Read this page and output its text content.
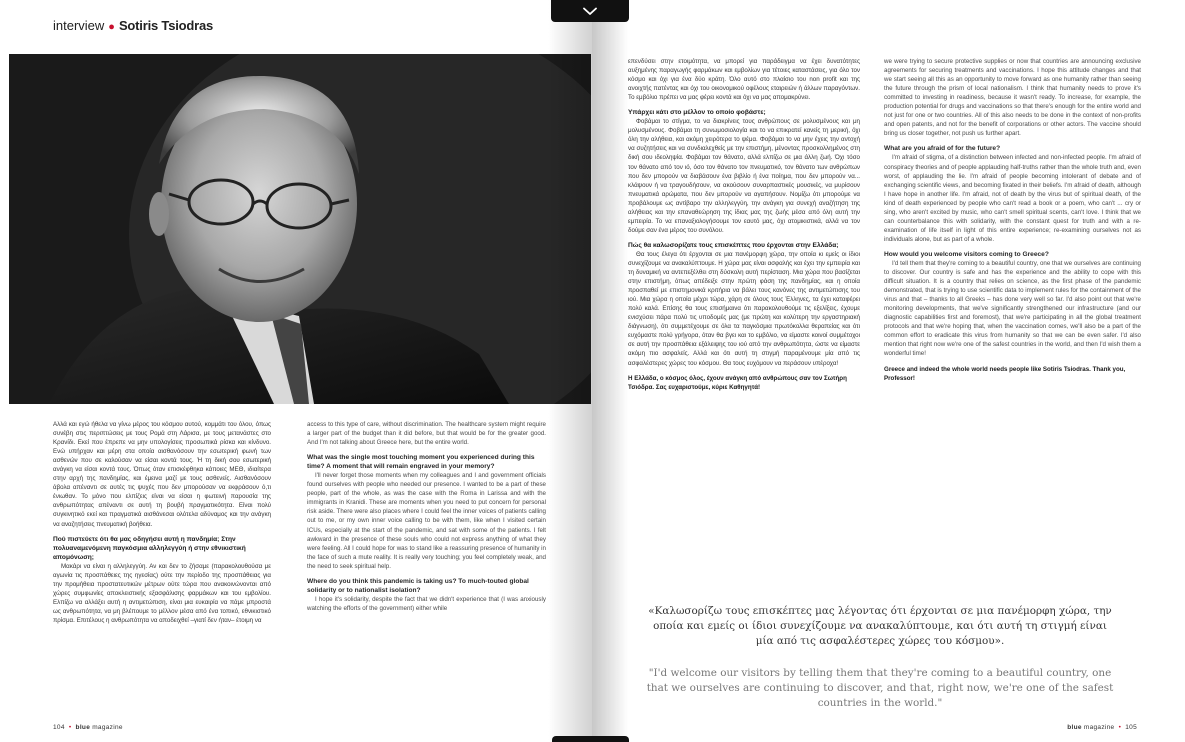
interview ● Sotiris Tsiodras

Αλλά και εγώ ήθελα να γίνω μέρος του κόσμου αυτού, κομμάτι του όλου, όπως συνέβη στις περιπτώσεις με τους Ρομά στη Λάρισα, με τους μετανάστες στο Κρανίδι. Εκεί που έπρεπε να μην υπολογίσεις προσωπικά ρίσκα και κίνδυνο. Ενώ υπήρχαν και μέρη στα οποία αισθανόσουν την εσωτερική φωνή των ασθενών που σε καλούσαν να είσαι κοντά τους. Ή τη δική σου εσωτερική ανάγκη να είσαι κοντά τους. Όπως όταν επισκέφθηκα κάποιες ΜΕΘ, ιδιαίτερα στην αρχή της πανδημίας, και έμεινα μαζί με τους ασθενείς. Αισθανόσουν άβολα απέναντι σε αυτές τις ψυχές που δεν μπορούσαν να εκφράσουν ό,τι ένιωθαν. Το μόνο που ελπίζεις είναι να είσαι η φωτεινή παρουσία της ανθρωπότητας απέναντι σε αυτή τη βουβή πραγματικότητα. Είναι πολύ συγκινητικό εκεί και πραγματικά αισθάνεσαι ολότελα αδύναμος και την ανάγκη να αναζητήσεις πνευματική βοήθεια.

Πού πιστεύετε ότι θα μας οδηγήσει αυτή η πανδημία; Στην πολυαναμενόμενη παγκόσμια αλληλεγγύη ή στην εθνικιστική απομόνωση;

Μακάρι να είναι η αλληλεγγύη. Αν και δεν το ζήσαμε (παρακολουθούσα με αγωνία τις προσπάθειες της ηγεσίας) ούτε την περίοδο της προσπάθειας για την προμήθεια προστατευτικών μέτρων ούτε τώρα που ανακοινώνονται από χώρες συμφωνίες αποκλειστικής εξασφάλισης φαρμάκων και του εμβολίου. Ελπίζω να αλλάξει αυτή η αντιμετώπιση, είναι μια ευκαιρία να πάμε μπροστά ως ανθρωπότητα, να μη βλέπουμε το μέλλον μέσα από ένα τοπικό, εθνικιστικό πρίσμα. Επιτέλους η ανθρωπότητα να αποδειχθεί –γιατί δεν ήταν– έτοιμη να

access to this type of care, without discrimination. The healthcare system might require a larger part of the budget than it did before, but that would be for the greater good. And I'm not talking about Greece here, but the entire world.

What was the single most touching moment you experienced during this time? A moment that will remain engraved in your memory?

I'll never forget those moments when my colleagues and I and government officials found ourselves with people who needed our presence. I wanted to be a part of these people, part of the whole, as was the case with the Roma in Larissa and with the immigrants in Kranidi. These are moments when you need to put concern for personal risk aside. There were also places where I could feel the inner voices of patients calling out to me, or my own inner voice calling to be with them, like when I visited certain ICUs, especially at the start of the pandemic, and sat with some of the patients. I felt awkward in the presence of these souls who could not express anything of what they were feeling. All I could hope for was to stand like a reassuring presence of humanity in the face of such a mute reality. It is really very touching; you feel completely weak, and the need to seek spiritual help.

Where do you think this pandemic is taking us? To much-touted global solidarity or to nationalist isolation?

I hope it's solidarity, despite the fact that we didn't experience that (I was anxiously watching the efforts of the government) either while

104 • blue magazine

επενδύσει στην ετοιμότητα, να μπορεί για παράδειγμα να έχει δυνατότητες αυξημένης παραγωγής φαρμάκων και εμβολίων για τέτοιες καταστάσεις, για όλο τον κόσμο και όχι για ένα δύο κράτη. Όλο αυτό στο πλαίσιο του non profit και της ανοιχτής πατέντας και όχι του οικονομικού οφέλους εταιρειών ή άλλων παραγόντων. Το εμβόλιο πρέπει να μας φέρει κοντά και όχι να μας απομακρύνει.

Υπάρχει κάτι στο μέλλον το οποίο φοβάστε;

Φοβάμαι το στίγμα, το να διακρίνεις τους ανθρώπους σε μολυσμένους και μη μολυσμένους. Φοβάμαι τη συνωμοσιολογία και το να επικρατεί κανείς τη μερική, όχι όλη την αλήθεια, και ακόμη χειρότερα το ψέμα. Φοβάμαι το να μην έχεις την αντοχή να συζητήσεις και να συνδιαλεχθείς με την επιστήμη, μένοντας προσκολλημένος στη δική σου ιδεοληψία. Φοβάμαι τον θάνατο, αλλά ελπίζω σε μια άλλη ζωή. Όχι τόσο τον θάνατο από τον ιό, όσο τον θάνατο τον πνευματικό, τον θάνατο των ανθρώπων που δεν μπορούν να διαβάσουν ένα βιβλίο ή ένα ποίημα, που δεν μπορούν να... κλάψουν ή να τραγουδήσουν, να ακούσουν συναρπαστικές μουσικές, να μυρίσουν πνευματικά αρώματα, που δεν μπορούν να αγαπήσουν. Νομίζω ότι μπορούμε να προβάλουμε ως αντίβαρο την αλληλεγγύη, την ανάγκη για συνεχή αναζήτηση της αλήθειας και την επαναθεώρηση της ίδιας μας της ζωής μέσα από όλη αυτή την εμπειρία. Το να επαναξιολογήσουμε τον εαυτό μας, όχι ατομικιστικά, αλλά να τον δούμε σαν ένα μέρος του συνόλου.

Πώς θα καλωσορίζατε τους επισκέπτες που έρχονται στην Ελλάδα;

Θα τους έλεγα ότι έρχονται σε μια πανέμορφη χώρα, την οποία κι εμείς οι ίδιοι συνεχίζουμε να ανακαλύπτουμε. Η χώρα μας είναι ασφαλής και έχει την εμπειρία και τη δυναμική να αντεπεξέλθει στη δύσκολη αυτή περίσταση. Μια χώρα που βασίζεται στην επιστήμη, όπως απέδειξε στην πρώτη φάση της πανδημίας, και η οποία προσπαθεί με επιστημονικά κριτήρια να βάλει τους κανόνες της αντιμετώπισης του ιού. Μια χώρα η οποία μέχρι τώρα, χάρη σε όλους τους Έλληνες, τα έχει καταφέρει πολύ καλά. Επίσης θα τους επισήμαινα ότι παρακολουθούμε τις εξελίξεις, έχουμε ενισχύσει πάρα πολύ τις υποδομές μας (με πρώτη και κολύτερη την εργαστηριακή διάγνωση), ότι συμμετέχουμε σε όλα τα παγκόσμια πρωτόκολλα θεραπείας και ότι ευχόμαστε πολύ γρήγορα, όταν θα βγει και το εμβόλιο, να είμαστε κοινοί συμμέτοχοι σε αυτή την προσπάθεια εξάλειψης του ιού από την ανθρωπότητα, ώστε να είμαστε ακόμη πιο ασφαλείς. Αλλά και ότι αυτή τη στιγμή παραμένουμε μία από τις ασφαλέστερες χώρες του κόσμου. Θα τους ευχόμουν να περάσουν υπέροχα!

Η Ελλάδα, ο κόσμος όλος, έχουν ανάγκη από ανθρώπους σαν τον Σωτήρη Τσιόδρα. Σας ευχαριστούμε, κύριε Καθηγητά!

we were trying to secure protective supplies or now that countries are announcing exclusive agreements for securing treatments and vaccinations. I hope this attitude changes and that we start seeing all this as an opportunity to move forward as one humanity rather than seeing the future through the prism of local nationalism. I think that humanity needs to prove it's committed to investing in readiness, because it wasn't ready. To increase, for example, the production potential for drugs and vaccinations so that there's enough for the entire world and not just for one or two countries. All of this also needs to be done in the context of non-profits and open patents, and not for the benefit of corporations or other actors. The vaccine should bring us closer together, not push us further apart.

What are you afraid of for the future?

I'm afraid of stigma, of a distinction between infected and non-infected people. I'm afraid of conspiracy theories and of people applauding half-truths rather than the whole truth and, even worst, of applauding the lie. I'm afraid of people becoming intolerant of debate and of exchanging scientific views, and becoming fixated in their beliefs. I'm afraid of death, although I have hope in another life. I'm afraid, not of death by the virus but of spiritual death, of the kind of death experienced by people who can't read a book or a poem, who can't ... cry or sing, who aren't excited by music, who can't smell spiritual scents, can't love. I think that we can counterbalance this with solidarity, with the constant quest for truth and with a re-examination of life itself in light of this entire experience; re-examining ourselves not as individuals alone, but as part of a whole.

How would you welcome visitors coming to Greece?

I'd tell them that they're coming to a beautiful country, one that we ourselves are continuing to discover. Our country is safe and has the experience and the ability to cope with this difficult situation. It is a country that relies on science, as the first phase of the pandemic demonstrated, that is trying to use scientific data to implement rules for the containment of the virus and that – thanks to all Greeks – has done very well so far. I'd also point out that we're monitoring developments, that we've significantly strengthened our infrastructure (and our diagnostic capabilities first and foremost), that we're participating in all the global treatment protocols and that we're hoping that, when the vaccination comes, we'll also be a part of the common effort to eradicate this virus from humanity so that we can be even safer. I'd also mention that right now we're one of the safest countries in the world, and then I'd wish them a wonderful time!

Greece and indeed the whole world needs people like Sotiris Tsiodras. Thank you, Professor!

blue magazine • 105
«Καλωσορίζω τους επισκέπτες μας λέγοντας ότι έρχονται σε μια πανέμορφη χώρα, την οποία και εμείς οι ίδιοι συνεχίζουμε να ανακαλύπτουμε, και ότι αυτή τη στιγμή είναι μία από τις ασφαλέστερες χώρες του κόσμου».
"I'd welcome our visitors by telling them that they're coming to a beautiful country, one that we ourselves are continuing to discover, and that, right now, we're one of the safest countries in the world."
